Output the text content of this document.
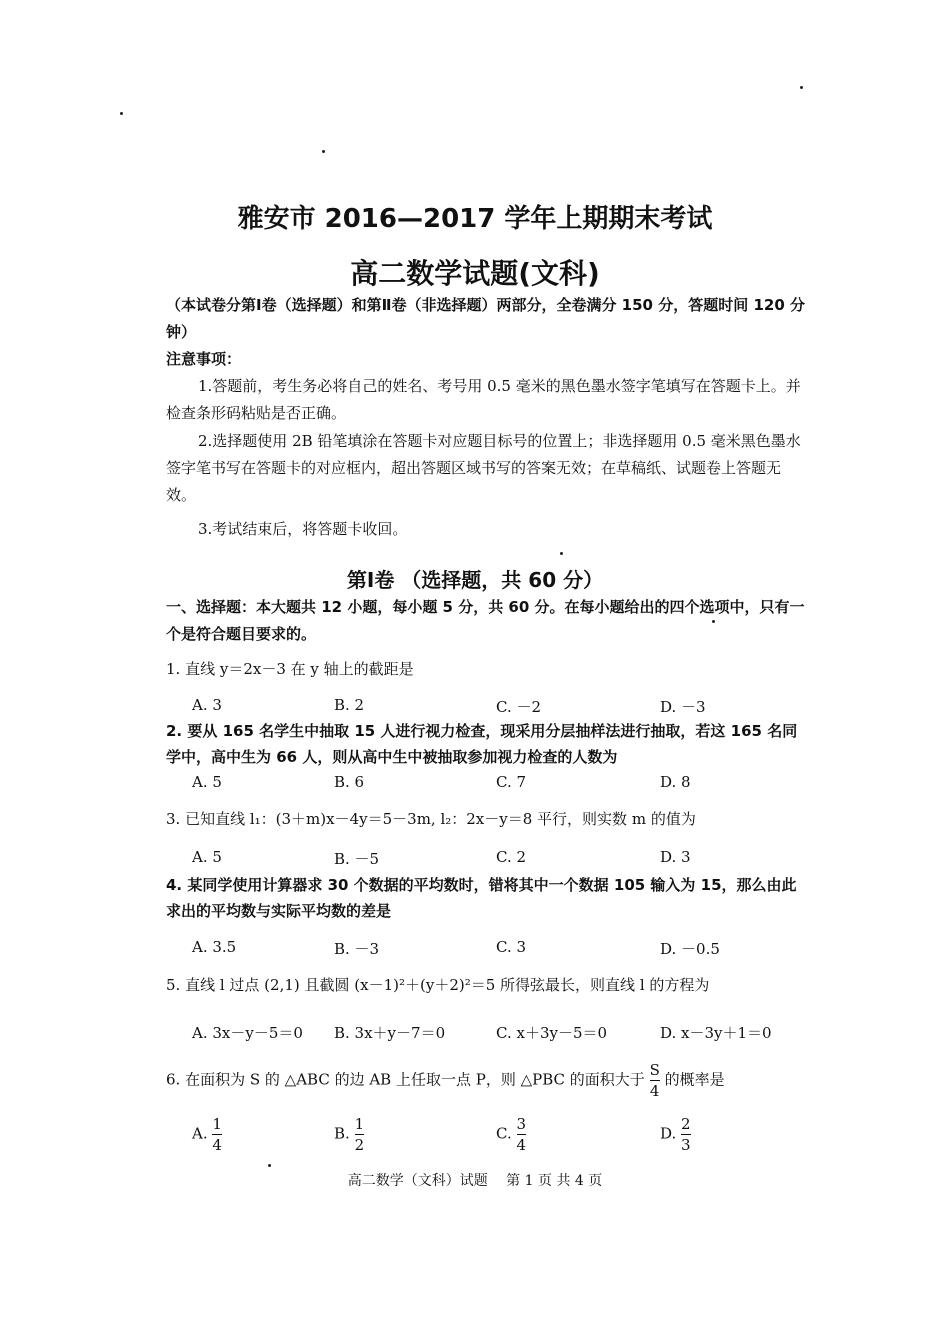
雅安市 2016—2017 学年上期期末考试
高二数学试题(文科)
（本试卷分第Ⅰ卷（选择题）和第Ⅱ卷（非选择题）两部分，全卷满分 150 分，答题时间 120 分钟）
注意事项：
1.答题前，考生务必将自己的姓名、考号用 0.5 毫米的黑色墨水签字笔填写在答题卡上。并检查条形码粘贴是否正确。
2.选择题使用 2B 铅笔填涂在答题卡对应题目标号的位置上；非选择题用 0.5 毫米黑色墨水签字笔书写在答题卡的对应框内，超出答题区域书写的答案无效；在草稿纸、试题卷上答题无效。
3.考试结束后，将答题卡收回。
第Ⅰ卷 （选择题，共 60 分）
一、选择题：本大题共 12 小题，每小题 5 分，共 60 分。在每小题给出的四个选项中，只有一个是符合题目要求的。
1. 直线 y＝2x－3 在 y 轴上的截距是
A. 3	B. 2	C. －2	D. －3
2. 要从 165 名学生中抽取 15 人进行视力检查，现采用分层抽样法进行抽取，若这 165 名同学中，高中生为 66 人，则从高中生中被抽取参加视力检查的人数为
A. 5	B. 6	C. 7	D. 8
3. 已知直线 l₁：(3＋m)x－4y＝5－3m, l₂：2x－y＝8 平行，则实数 m 的值为
A. 5	B. －5	C. 2	D. 3
4. 某同学使用计算器求 30 个数据的平均数时，错将其中一个数据 105 输入为 15，那么由此求出的平均数与实际平均数的差是
A. 3.5	B. －3	C. 3	D. －0.5
5. 直线 l 过点 (2,1) 且截圆 (x－1)²＋(y＋2)²＝5 所得弦最长，则直线 l 的方程为
A. 3x－y－5＝0 B. 3x＋y－7＝0	C. x＋3y－5＝0	D. x－3y＋1＝0
6. 在面积为 S 的 △ABC 的边 AB 上任取一点 P，则 △PBC 的面积大于 $\frac{S}{4}$ 的概率是
A. $\frac{1}{4}$	B. $\frac{1}{2}$	C. $\frac{3}{4}$	D. $\frac{2}{3}$
高二数学（文科）试题　 第 1 页 共 4 页
